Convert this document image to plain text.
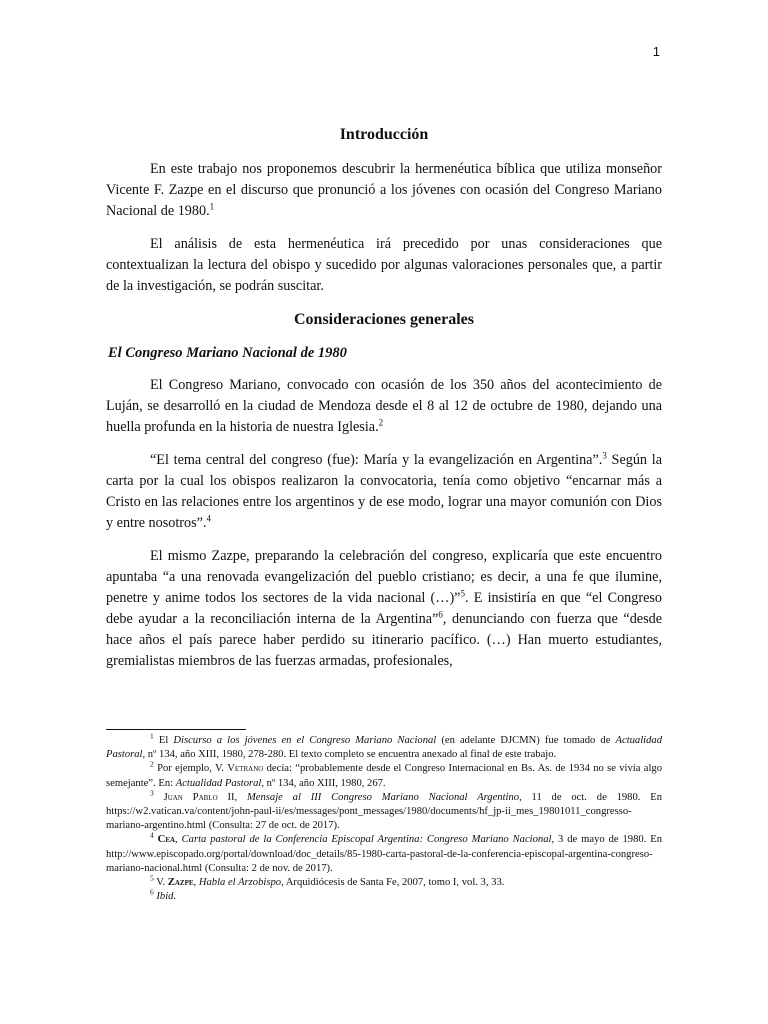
1
Introducción

En este trabajo nos proponemos descubrir la hermenéutica bíblica que utiliza monseñor Vicente F. Zazpe en el discurso que pronunció a los jóvenes con ocasión del Congreso Mariano Nacional de 1980.$^1$

El análisis de esta hermenéutica irá precedido por unas consideraciones que contextualizan la lectura del obispo y sucedido por algunas valoraciones personales que, a partir de la investigación, se podrán suscitar.

Consideraciones generales
El Congreso Mariano Nacional de 1980

El Congreso Mariano, convocado con ocasión de los 350 años del acontecimiento de Luján, se desarrolló en la ciudad de Mendoza desde el 8 al 12 de octubre de 1980, dejando una huella profunda en la historia de nuestra Iglesia.$^2$

“El tema central del congreso (fue): María y la evangelización en Argentina”.$^3$ Según la carta por la cual los obispos realizaron la convocatoria, tenía como objetivo “encarnar más a Cristo en las relaciones entre los argentinos y de ese modo, lograr una mayor comunión con Dios y entre nosotros”.$^4$

El mismo Zazpe, preparando la celebración del congreso, explicaría que este encuentro apuntaba “a una renovada evangelización del pueblo cristiano; es decir, a una fe que ilumine, penetre y anime todos los sectores de la vida nacional (…)”$^5$. E insistiría en que “el Congreso debe ayudar a la reconciliación interna de la Argentina”$^6$, denunciando con fuerza que “desde hace años el país parece haber perdido su itinerario pacífico. (…) Han muerto estudiantes, gremialistas miembros de las fuerzas armadas, profesionales,

$^1$ El Discurso a los jóvenes en el Congreso Mariano Nacional (en adelante DJCMN) fue tomado de Actualidad Pastoral, nº 134, año XIII, 1980, 278-280. El texto completo se encuentra anexado al final de este trabajo.

$^2$ Por ejemplo, V. Vetrano decía: “probablemente desde el Congreso Internacional en Bs. As. de 1934 no se vivía algo semejante”. En: Actualidad Pastoral, nº 134, año XIII, 1980, 267.

$^3$ Juan Pablo II, Mensaje al III Congreso Mariano Nacional Argentino, 11 de oct. de 1980. En https://w2.vatican.va/content/john-paul-ii/es/messages/pont_messages/1980/documents/hf_jp-ii_mes_19801011_congresso-mariano-argentino.html (Consulta: 27 de oct. de 2017).

$^4$ Cea, Carta pastoral de la Conferencia Episcopal Argentina: Congreso Mariano Nacional, 3 de mayo de 1980. En http://www.episcopado.org/portal/download/doc_details/85-1980-carta-pastoral-de-la-conferencia-episcopal-argentina-congreso-mariano-nacional.html (Consulta: 2 de nov. de 2017).

$^5$ V. Zazpe, Habla el Arzobispo, Arquidiócesis de Santa Fe, 2007, tomo I, vol. 3, 33.

$^6$ Ibid.
